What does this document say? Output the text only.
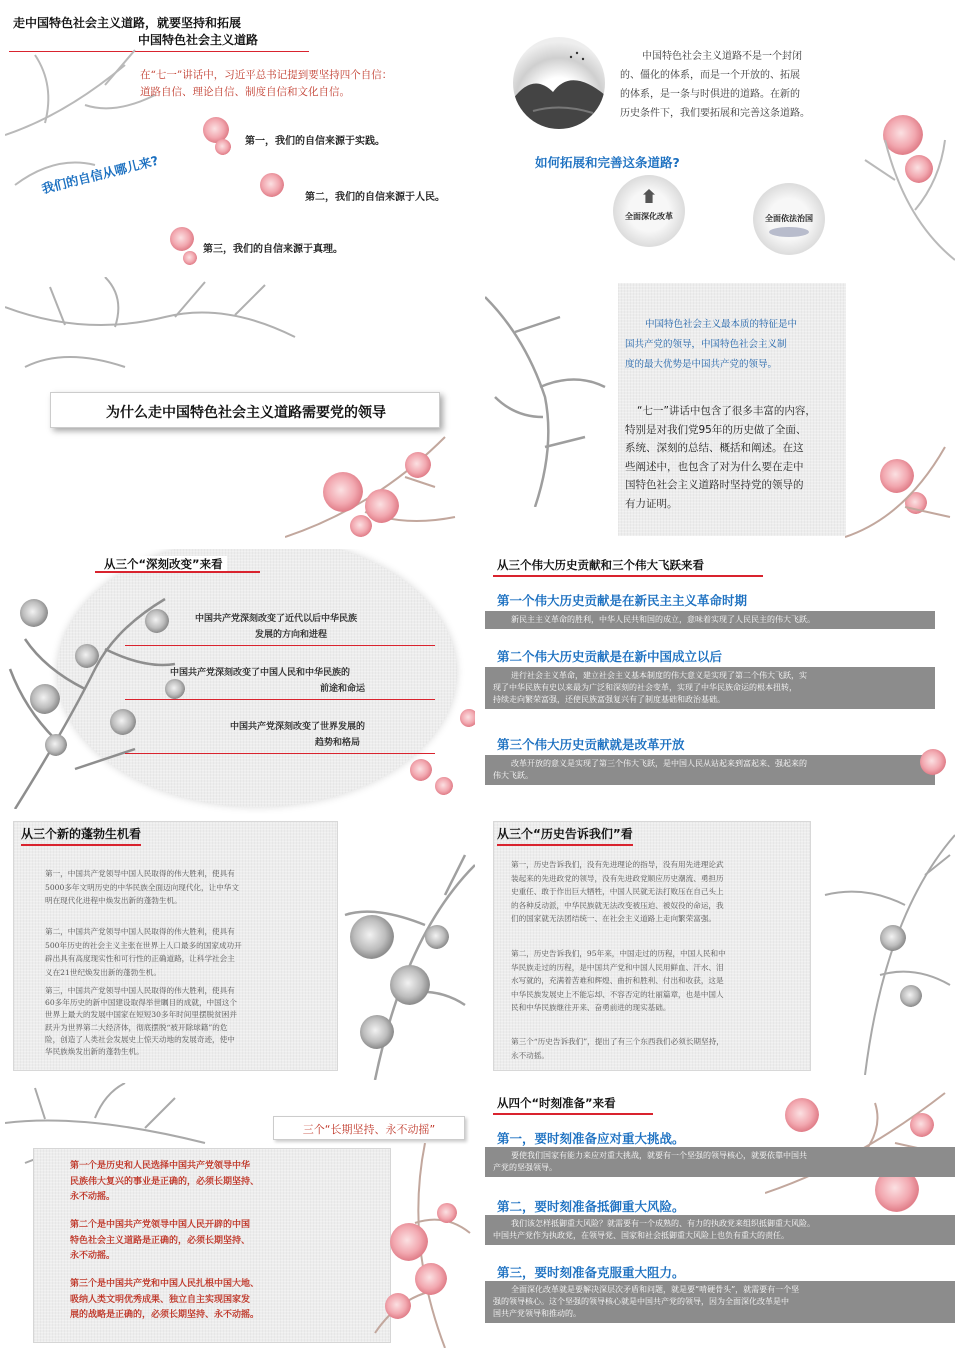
走中国特色社会主义道路，就要坚持和拓展
中国特色社会主义道路
在“七一”讲话中，习近平总书记提到要坚持四个自信：
道路自信、理论自信、制度自信和文化自信。
我们的自信从哪儿来?
第一，我们的自信来源于实践。
第二，我们的自信来源于人民。
第三，我们的自信来源于真理。
中国特色社会主义道路不是一个封闭
的、僵化的体系，而是一个开放的、拓展
的体系，是一条与时俱进的道路。在新的
历史条件下，我们要拓展和完善这条道路。
如何拓展和完善这条道路?
全面深化改革	全面依法治国
为什么走中国特色社会主义道路需要党的领导
中国特色社会主义最本质的特征是中
国共产党的领导，中国特色社会主义制
度的最大优势是中国共产党的领导。
“七一”讲话中包含了很多丰富的内容，
特别是对我们党95年的历史做了全面、
系统、深刻的总结、概括和阐述。在这
些阐述中，也包含了对为什么要在走中
国特色社会主义道路时坚持党的领导的
有力证明。
从三个“深刻改变”来看
中国共产党深刻改变了近代以后中华民族
发展的方向和进程
中国共产党深刻改变了中国人民和中华民族的
前途和命运
中国共产党深刻改变了世界发展的
趋势和格局
从三个伟大历史贡献和三个伟大飞跃来看
第一个伟大历史贡献是在新民主主义革命时期
新民主主义革命的胜利，中华人民共和国的成立，意味着实现了人民民主的伟大飞跃。
第二个伟大历史贡献是在新中国成立以后
进行社会主义革命，建立社会主义基本制度的伟大意义是实现了第二个伟大飞跃，实
现了中华民族有史以来最为广泛和深刻的社会变革，实现了中华民族命运的根本扭转，
持续走向繁荣富强，还使民族富强复兴有了制度基础和政治基础。
第三个伟大历史贡献就是改革开放
改革开放的意义是实现了第三个伟大飞跃，是中国人民从站起来到富起来、强起来的
伟大飞跃。
从三个新的蓬勃生机看
第一，中国共产党领导中国人民取得的伟大胜利，使具有
5000多年文明历史的中华民族全面迈向现代化，让中华文
明在现代化进程中焕发出新的蓬勃生机。
第二，中国共产党领导中国人民取得的伟大胜利，使具有
500年历史的社会主义主张在世界上人口最多的国家成功开
辟出具有高度现实性和可行性的正确道路，让科学社会主
义在21世纪焕发出新的蓬勃生机。
第三，中国共产党领导中国人民取得的伟大胜利，使具有
60多年历史的新中国建设取得举世瞩目的成就，中国这个
世界上最大的发展中国家在短短30多年时间里摆脱贫困并
跃升为世界第二大经济体，彻底摆脱“被开除球籍”的危
险，创造了人类社会发展史上惊天动地的发展奇迹，使中
华民族焕发出新的蓬勃生机。
从三个“历史告诉我们”看
第一，历史告诉我们，没有先进理论的指导，没有用先进理论武
装起来的先进政党的领导，没有先进政党顺应历史潮流、勇担历
史重任、敢于作出巨大牺牲，中国人民就无法打败压在自己头上
的各种反动派，中华民族就无法改变被压迫、被奴役的命运，我
们的国家就无法团结统一、在社会主义道路上走向繁荣富强。
第二，历史告诉我们，95年来，中国走过的历程，中国人民和中
华民族走过的历程，是中国共产党和中国人民用鲜血、汗水、泪
水写就的，充满着苦难和辉煌、曲折和胜利、付出和收获，这是
中华民族发展史上不能忘却、不容否定的壮丽篇章，也是中国人
民和中华民族继往开来、奋勇前进的现实基础。
第三个“历史告诉我们”，提出了有三个东西我们必须长期坚持，
永不动摇。
三个“长期坚持、永不动摇”
第一个是历史和人民选择中国共产党领导中华
民族伟大复兴的事业是正确的，必须长期坚持、
永不动摇。
第二个是中国共产党领导中国人民开辟的中国
特色社会主义道路是正确的，必须长期坚持、
永不动摇。
第三个是中国共产党和中国人民扎根中国大地、
吸纳人类文明优秀成果、独立自主实现国家发
展的战略是正确的，必须长期坚持、永不动摇。
从四个“时刻准备”来看
第一，要时刻准备应对重大挑战。
要使我们国家有能力来应对重大挑战，就要有一个坚强的领导核心，就要依靠中国共
产党的坚强领导。
第二，要时刻准备抵御重大风险。
我们该怎样抵御重大风险？就需要有一个成熟的、有力的执政党来组织抵御重大风险。
中国共产党作为执政党，在领导党、国家和社会抵御重大风险上也负有重大的责任。
第三，要时刻准备克服重大阻力。
全面深化改革就是要解决深层次矛盾和问题，就是要“啃硬骨头”，就需要有一个坚
强的领导核心。这个坚强的领导核心就是中国共产党的领导，因为全面深化改革是中
国共产党领导和推动的。
